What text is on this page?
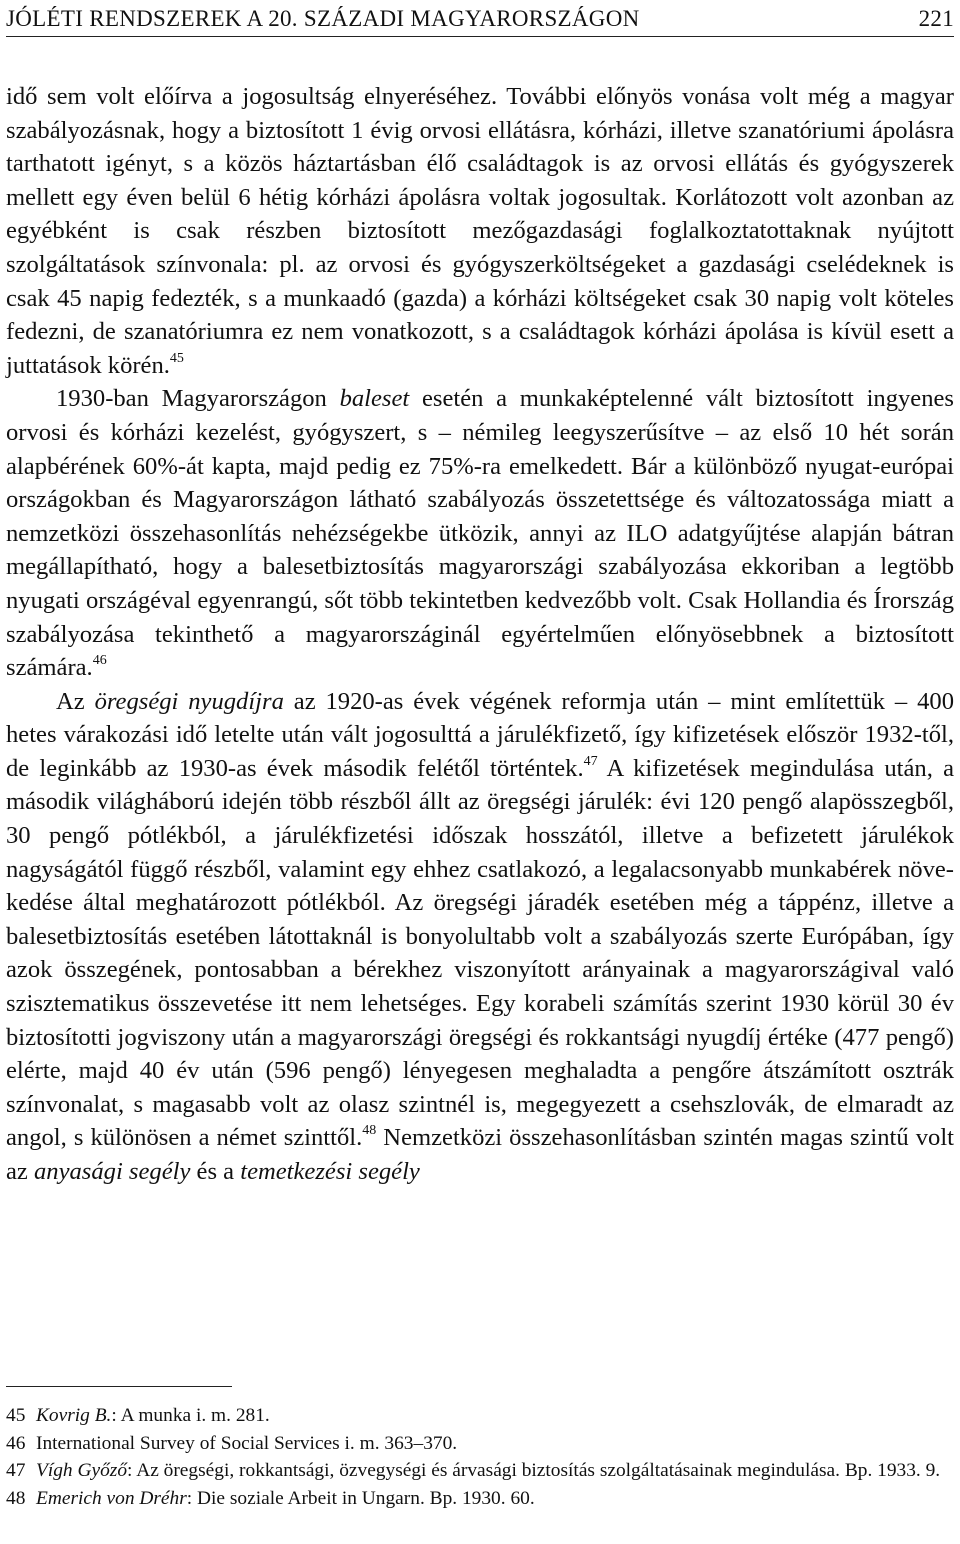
JÓLÉTI RENDSZEREK A 20. SZÁZADI MAGYARORSZÁGON	221

idő sem volt előírva a jogosultság elnyeréséhez. További előnyös vonása volt még a magyar szabályozásnak, hogy a biztosított 1 évig orvosi ellátásra, kórházi, illetve szanatóriumi ápolásra tarthatott igényt, s a közös háztartásban élő családtagok is az orvosi ellátás és gyógyszerek mellett egy éven belül 6 hétig kórházi ápolásra voltak jogosultak. Korlátozott volt azonban az egyébként is csak részben biztosított mezőgazdasági foglalkoztatottaknak nyújtott szolgáltatások színvonala: pl. az orvosi és gyógyszerköltségeket a gazdasági cselédeknek is csak 45 napig fedezték, s a munkaadó (gazda) a kórházi költségeket csak 30 napig volt köteles fedezni, de szanatóriumra ez nem vonatkozott, s a családtagok kórházi ápolása is kívül esett a juttatások körén.$^{45}$

1930-ban Magyarországon baleset esetén a munkaképtelenné vált biztosított ingyenes orvosi és kórházi kezelést, gyógyszert, s – némileg leegyszerűsítve – az első 10 hét során alapbérének 60%-át kapta, majd pedig ez 75%-ra emelkedett. Bár a különböző nyugat-európai országokban és Magyarországon látható szabályozás összetettsége és változatossága miatt a nemzetközi összehasonlítás nehézségekbe ütközik, annyi az ILO adatgyűjtése alapján bátran megállapítható, hogy a balesetbiztosítás magyarországi szabályozása ekkoriban a legtöbb nyugati országéval egyenrangú, sőt több tekintetben kedvezőbb volt. Csak Hollandia és Írország szabályozása tekinthető a magyarországinál egyértelműen előnyösebbnek a biztosított számára.$^{46}$

Az öregségi nyugdíjra az 1920-as évek végének reformja után – mint említettük – 400 hetes várakozási idő letelte után vált jogosulttá a járulékfizető, így kifizetések először 1932-től, de leginkább az 1930-as évek második felétől történtek.$^{47}$ A kifizetések megindulása után, a második világháború idején több részből állt az öregségi járulék: évi 120 pengő alapösszegből, 30 pengő pótlékból, a járulékfizetési időszak hosszától, illetve a befizetett járulékok nagyságától függő részből, valamint egy ehhez csatlakozó, a legalacsonyabb munkabérek növekedése által meghatározott pótlékból. Az öregségi járadék esetében még a táppénz, illetve a balesetbiztosítás esetében látottaknál is bonyolultabb volt a szabályozás szerte Európában, így azok összegének, pontosabban a bérekhez viszonyított arányainak a magyarországival való szisztematikus összevetése itt nem lehetséges. Egy korabeli számítás szerint 1930 körül 30 év biztosítotti jogviszony után a magyarországi öregségi és rokkantsági nyugdíj értéke (477 pengő) elérte, majd 40 év után (596 pengő) lényegesen meghaladta a pengőre átszámított osztrák színvonalat, s magasabb volt az olasz szintnél is, megegyezett a csehszlovák, de elmaradt az angol, s különösen a német szinttől.$^{48}$ Nemzetközi összehasonlításban szintén magas szintű volt az anyasági segély és a temetkezési segély

45 Kovrig B.: A munka i. m. 281.
46 International Survey of Social Services i. m. 363–370.
47 Vígh Győző: Az öregségi, rokkantsági, özvegységi és árvasági biztosítás szolgáltatásainak megindulása. Bp. 1933. 9.
48 Emerich von Dréhr: Die soziale Arbeit in Ungarn. Bp. 1930. 60.
